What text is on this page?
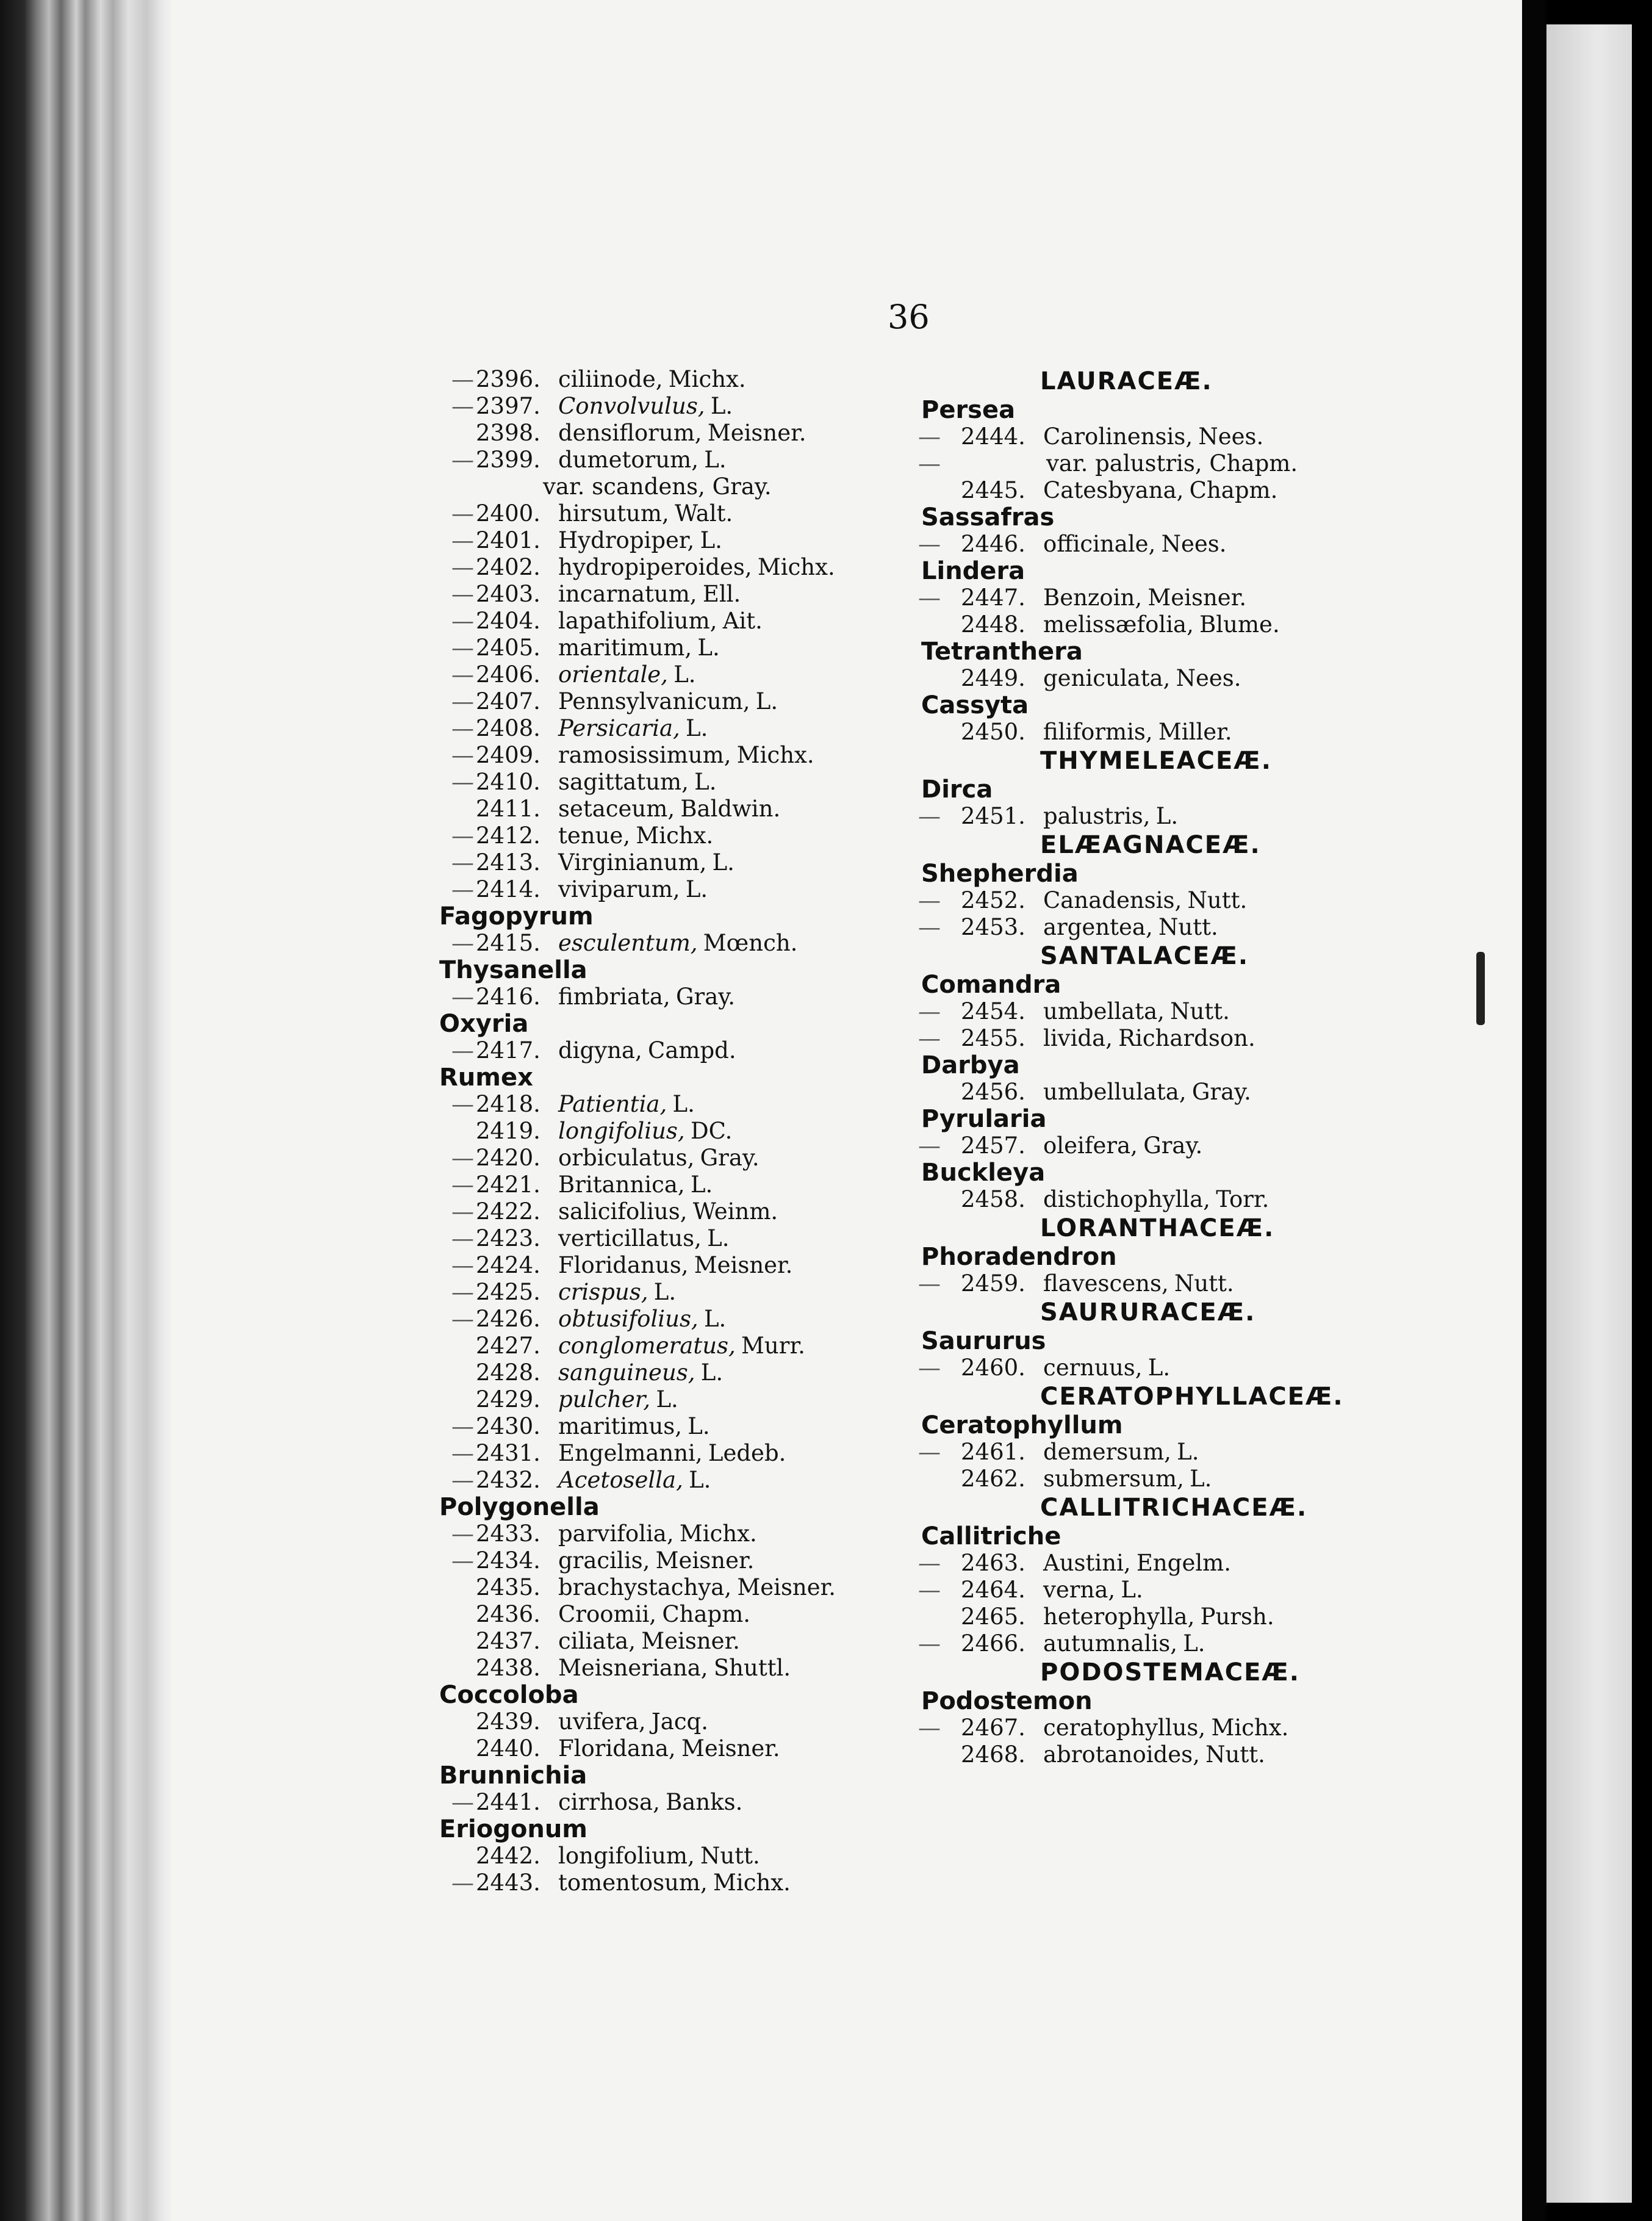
36
— 2396. ciliinode, Michx.
— 2397. Convolvulus, L.
2398. densiflorum, Meisner.
— 2399. dumetorum, L.
var. scandens, Gray.
— 2400. hirsutum, Walt.
— 2401. Hydropiper, L.
— 2402. hydropiperoides, Michx.
— 2403. incarnatum, Ell.
— 2404. lapathifolium, Ait.
— 2405. maritimum, L.
— 2406. orientale, L.
— 2407. Pennsylvanicum, L.
— 2408. Persicaria, L.
— 2409. ramosissimum, Michx.
— 2410. sagittatum, L.
2411. setaceum, Baldwin.
— 2412. tenue, Michx.
— 2413. Virginianum, L.
— 2414. viviparum, L.
Fagopyrum
— 2415. esculentum, Mœnch.
Thysanella
— 2416. fimbriata, Gray.
Oxyria
— 2417. digyna, Campd.
Rumex
— 2418. Patientia, L.
2419. longifolius, DC.
— 2420. orbiculatus, Gray.
— 2421. Britannica, L.
— 2422. salicifolius, Weinm.
— 2423. verticillatus, L.
— 2424. Floridanus, Meisner.
— 2425. crispus, L.
— 2426. obtusifolius, L.
2427. conglomeratus, Murr.
2428. sanguineus, L.
2429. pulcher, L.
— 2430. maritimus, L.
— 2431. Engelmanni, Ledeb.
— 2432. Acetosella, L.
Polygonella
— 2433. parvifolia, Michx.
— 2434. gracilis, Meisner.
2435. brachystachya, Meisner.
2436. Croomii, Chapm.
2437. ciliata, Meisner.
2438. Meisneriana, Shuttl.
Coccoloba
2439. uvifera, Jacq.
2440. Floridana, Meisner.
Brunnichia
— 2441. cirrhosa, Banks.
Eriogonum
2442. longifolium, Nutt.
— 2443. tomentosum, Michx.
LAURACEÆ.
Persea
— 2444. Carolinensis, Nees.
—	var. palustris, Chapm.
2445. Catesbyana, Chapm.
Sassafras
— 2446. officinale, Nees.
Lindera
— 2447. Benzoin, Meisner.
2448. melissæfolia, Blume.
Tetranthera
2449. geniculata, Nees.
Cassyta
2450. filiformis, Miller.
THYMELEACEÆ.
Dirca
— 2451. palustris, L.
ELÆAGNACEÆ.
Shepherdia
— 2452. Canadensis, Nutt.
— 2453. argentea, Nutt.
SANTALACEÆ.
Comandra
— 2454. umbellata, Nutt.
— 2455. livida, Richardson.
Darbya
2456. umbellulata, Gray.
Pyrularia
— 2457. oleifera, Gray.
Buckleya
2458. distichophylla, Torr.
LORANTHACEÆ.
Phoradendron
— 2459. flavescens, Nutt.
SAURURACEÆ.
Saururus
— 2460. cernuus, L.
CERATOPHYLLACEÆ.
Ceratophyllum
— 2461. demersum, L.
2462. submersum, L.
CALLITRICHACEÆ.
Callitriche
— 2463. Austini, Engelm.
— 2464. verna, L.
2465. heterophylla, Pursh.
— 2466. autumnalis, L.
PODOSTEMACEÆ.
Podostemon
— 2467. ceratophyllus, Michx.
2468. abrotanoides, Nutt.
